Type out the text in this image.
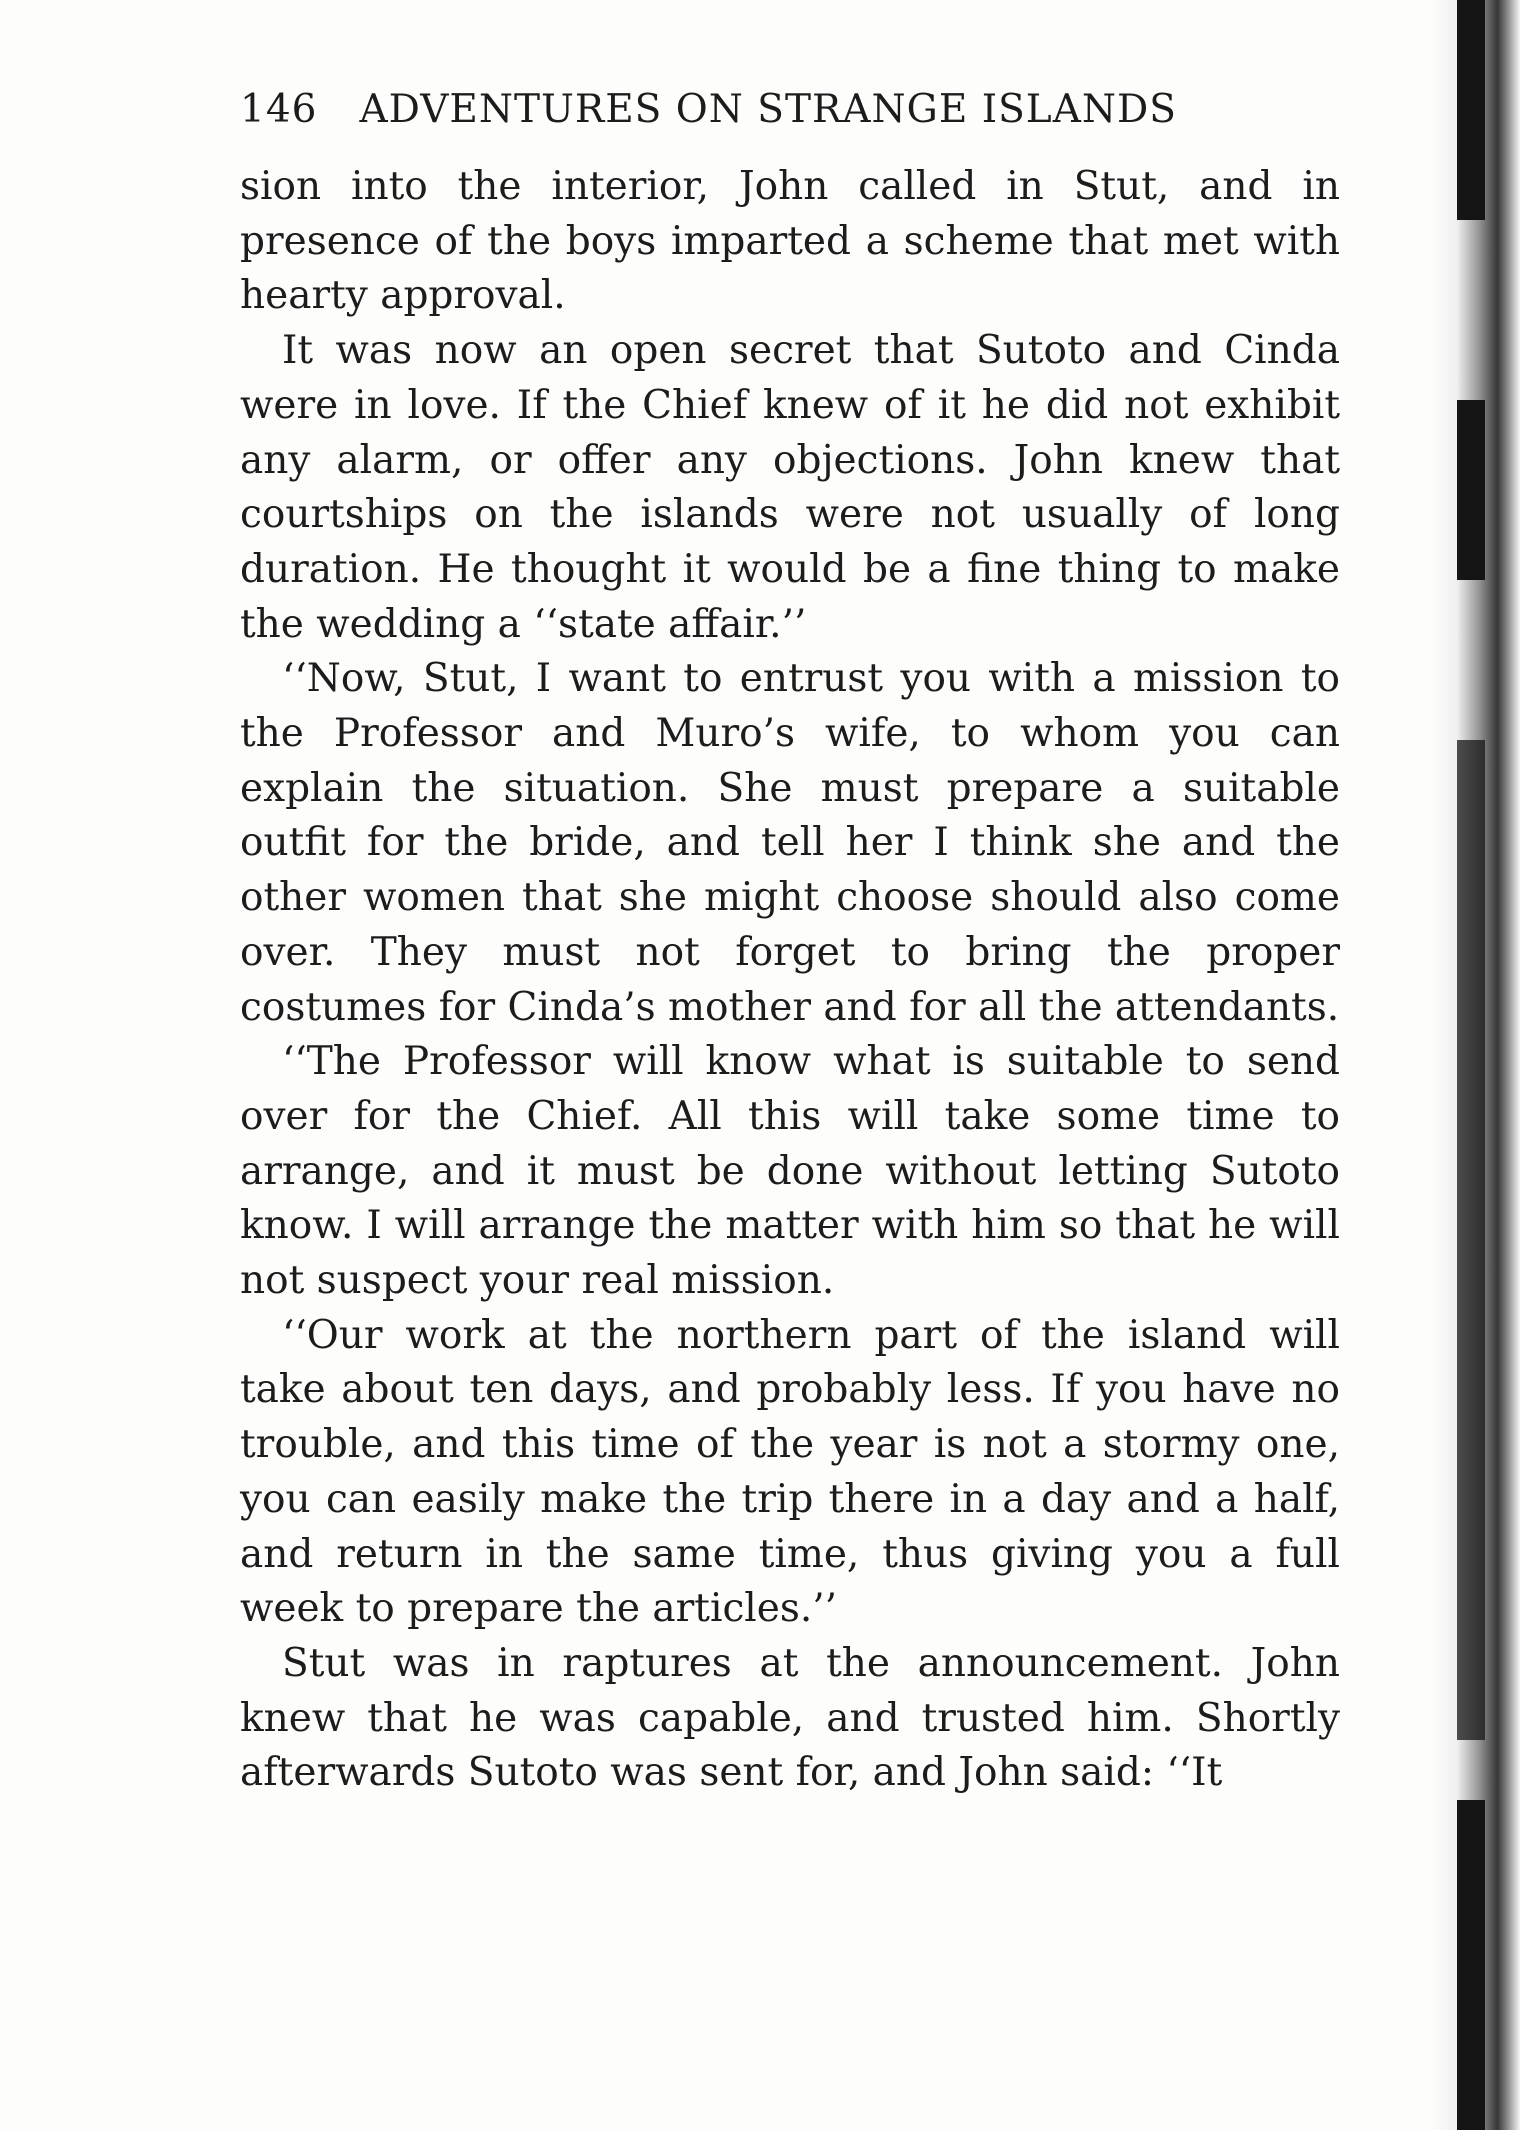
146 ADVENTURES ON STRANGE ISLANDS

sion into the interior, John called in Stut, and in presence of the boys imparted a scheme that met with hearty approval.

It was now an open secret that Sutoto and Cinda were in love. If the Chief knew of it he did not exhibit any alarm, or offer any objections. John knew that courtships on the islands were not usually of long duration. He thought it would be a fine thing to make the wedding a ‘‘state affair.’’

‘‘Now, Stut, I want to entrust you with a mission to the Professor and Muro’s wife, to whom you can explain the situation. She must prepare a suitable outfit for the bride, and tell her I think she and the other women that she might choose should also come over. They must not forget to bring the proper costumes for Cinda’s mother and for all the attendants.

‘‘The Professor will know what is suitable to send over for the Chief. All this will take some time to arrange, and it must be done without letting Sutoto know. I will arrange the matter with him so that he will not suspect your real mission.

‘‘Our work at the northern part of the island will take about ten days, and probably less. If you have no trouble, and this time of the year is not a stormy one, you can easily make the trip there in a day and a half, and return in the same time, thus giving you a full week to prepare the articles.’’

Stut was in raptures at the announcement. John knew that he was capable, and trusted him. Shortly afterwards Sutoto was sent for, and John said: ‘‘It
